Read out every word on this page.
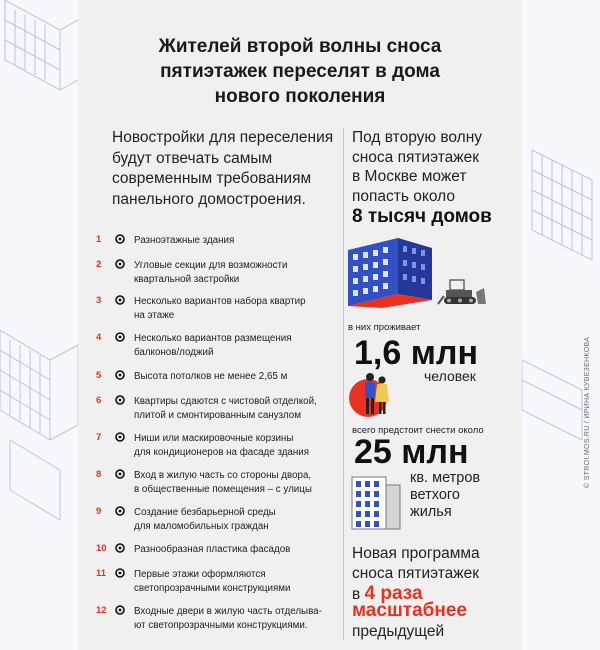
Жителей второй волны сноса
пятиэтажек переселят в дома
нового поколения
Новостройки для переселения
будут отвечать самым
современным требованиям
панельного домостроения.
1	Разноэтажные здания
2	Угловые секции для возможности
квартальной застройки
3	Несколько вариантов набора квартир
на этаже
4	Несколько вариантов размещения
балконов/лоджий
5	Высота потолков не менее 2,65 м
6	Квартиры сдаются с чистовой отделкой,
плитой и смонтированным санузлом
7	Ниши или маскировочные корзины
для кондиционеров на фасаде здания
8	Вход в жилую часть со стороны двора,
в общественные помещения – с улицы
9	Создание безбарьерной среды
для маломобильных граждан
10	Разнообразная пластика фасадов
11	Первые этажи оформляются
светопрозрачными конструкциями
12	Входные двери в жилую часть отделыва-
ют светопрозрачными конструкциями.
Под вторую волну
сноса пятиэтажек
в Москве может
попасть около
8 тысяч домов
в них проживает
1,6 млн
человек
всего предстоит снести около
25 млн
кв. метров
ветхого
жилья
Новая программа
сноса пятиэтажек
в 4 раза
масштабнее
предыдущей
© STROI.MOS.RU / ИРИНА КУВЕЗЕНКОВА
